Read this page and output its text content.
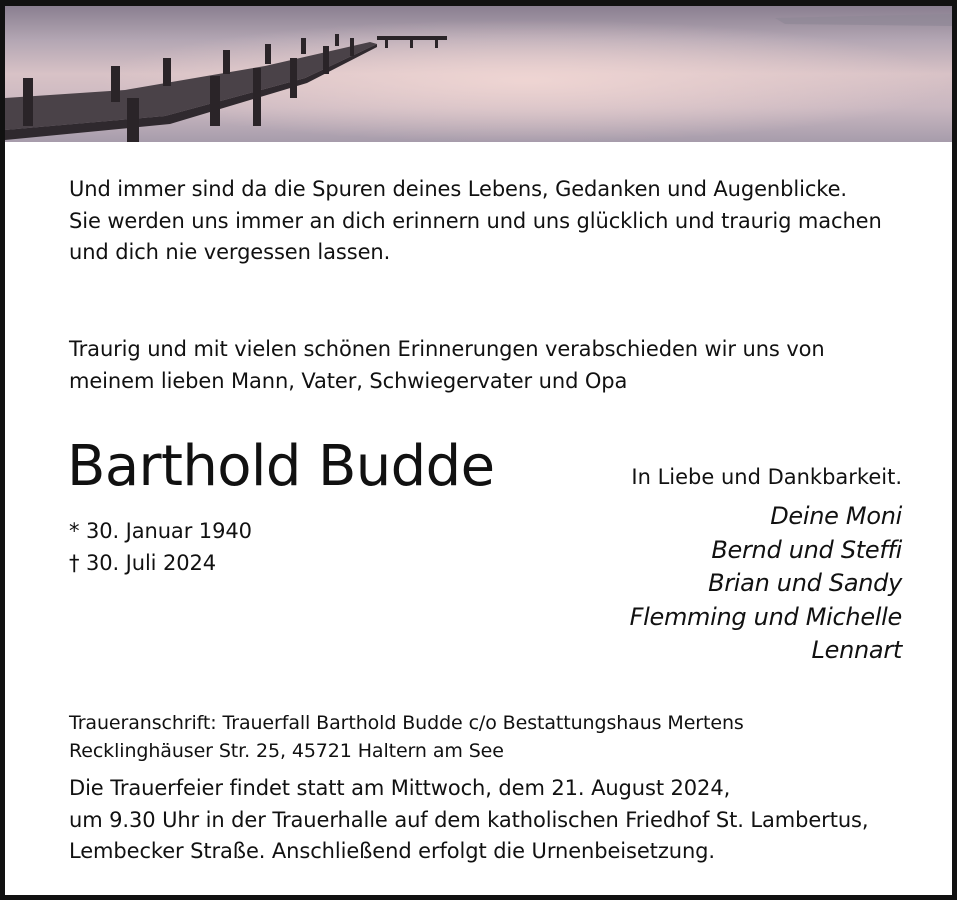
Und immer sind da die Spuren deines Lebens, Gedanken und Augenblicke.
Sie werden uns immer an dich erinnern und uns glücklich und traurig machen
und dich nie vergessen lassen.

Traurig und mit vielen schönen Erinnerungen verabschieden wir uns von
meinem lieben Mann, Vater, Schwiegervater und Opa

Barthold Budde

* 30. Januar 1940
† 30. Juli 2024

In Liebe und Dankbarkeit.

Deine Moni
Bernd und Steffi
Brian und Sandy
Flemming und Michelle
Lennart

Traueranschrift: Trauerfall Barthold Budde c/o Bestattungshaus Mertens
Recklinghäuser Str. 25, 45721 Haltern am See

Die Trauerfeier findet statt am Mittwoch, dem 21. August 2024,
um 9.30 Uhr in der Trauerhalle auf dem katholischen Friedhof St. Lambertus,
Lembecker Straße. Anschließend erfolgt die Urnenbeisetzung.
